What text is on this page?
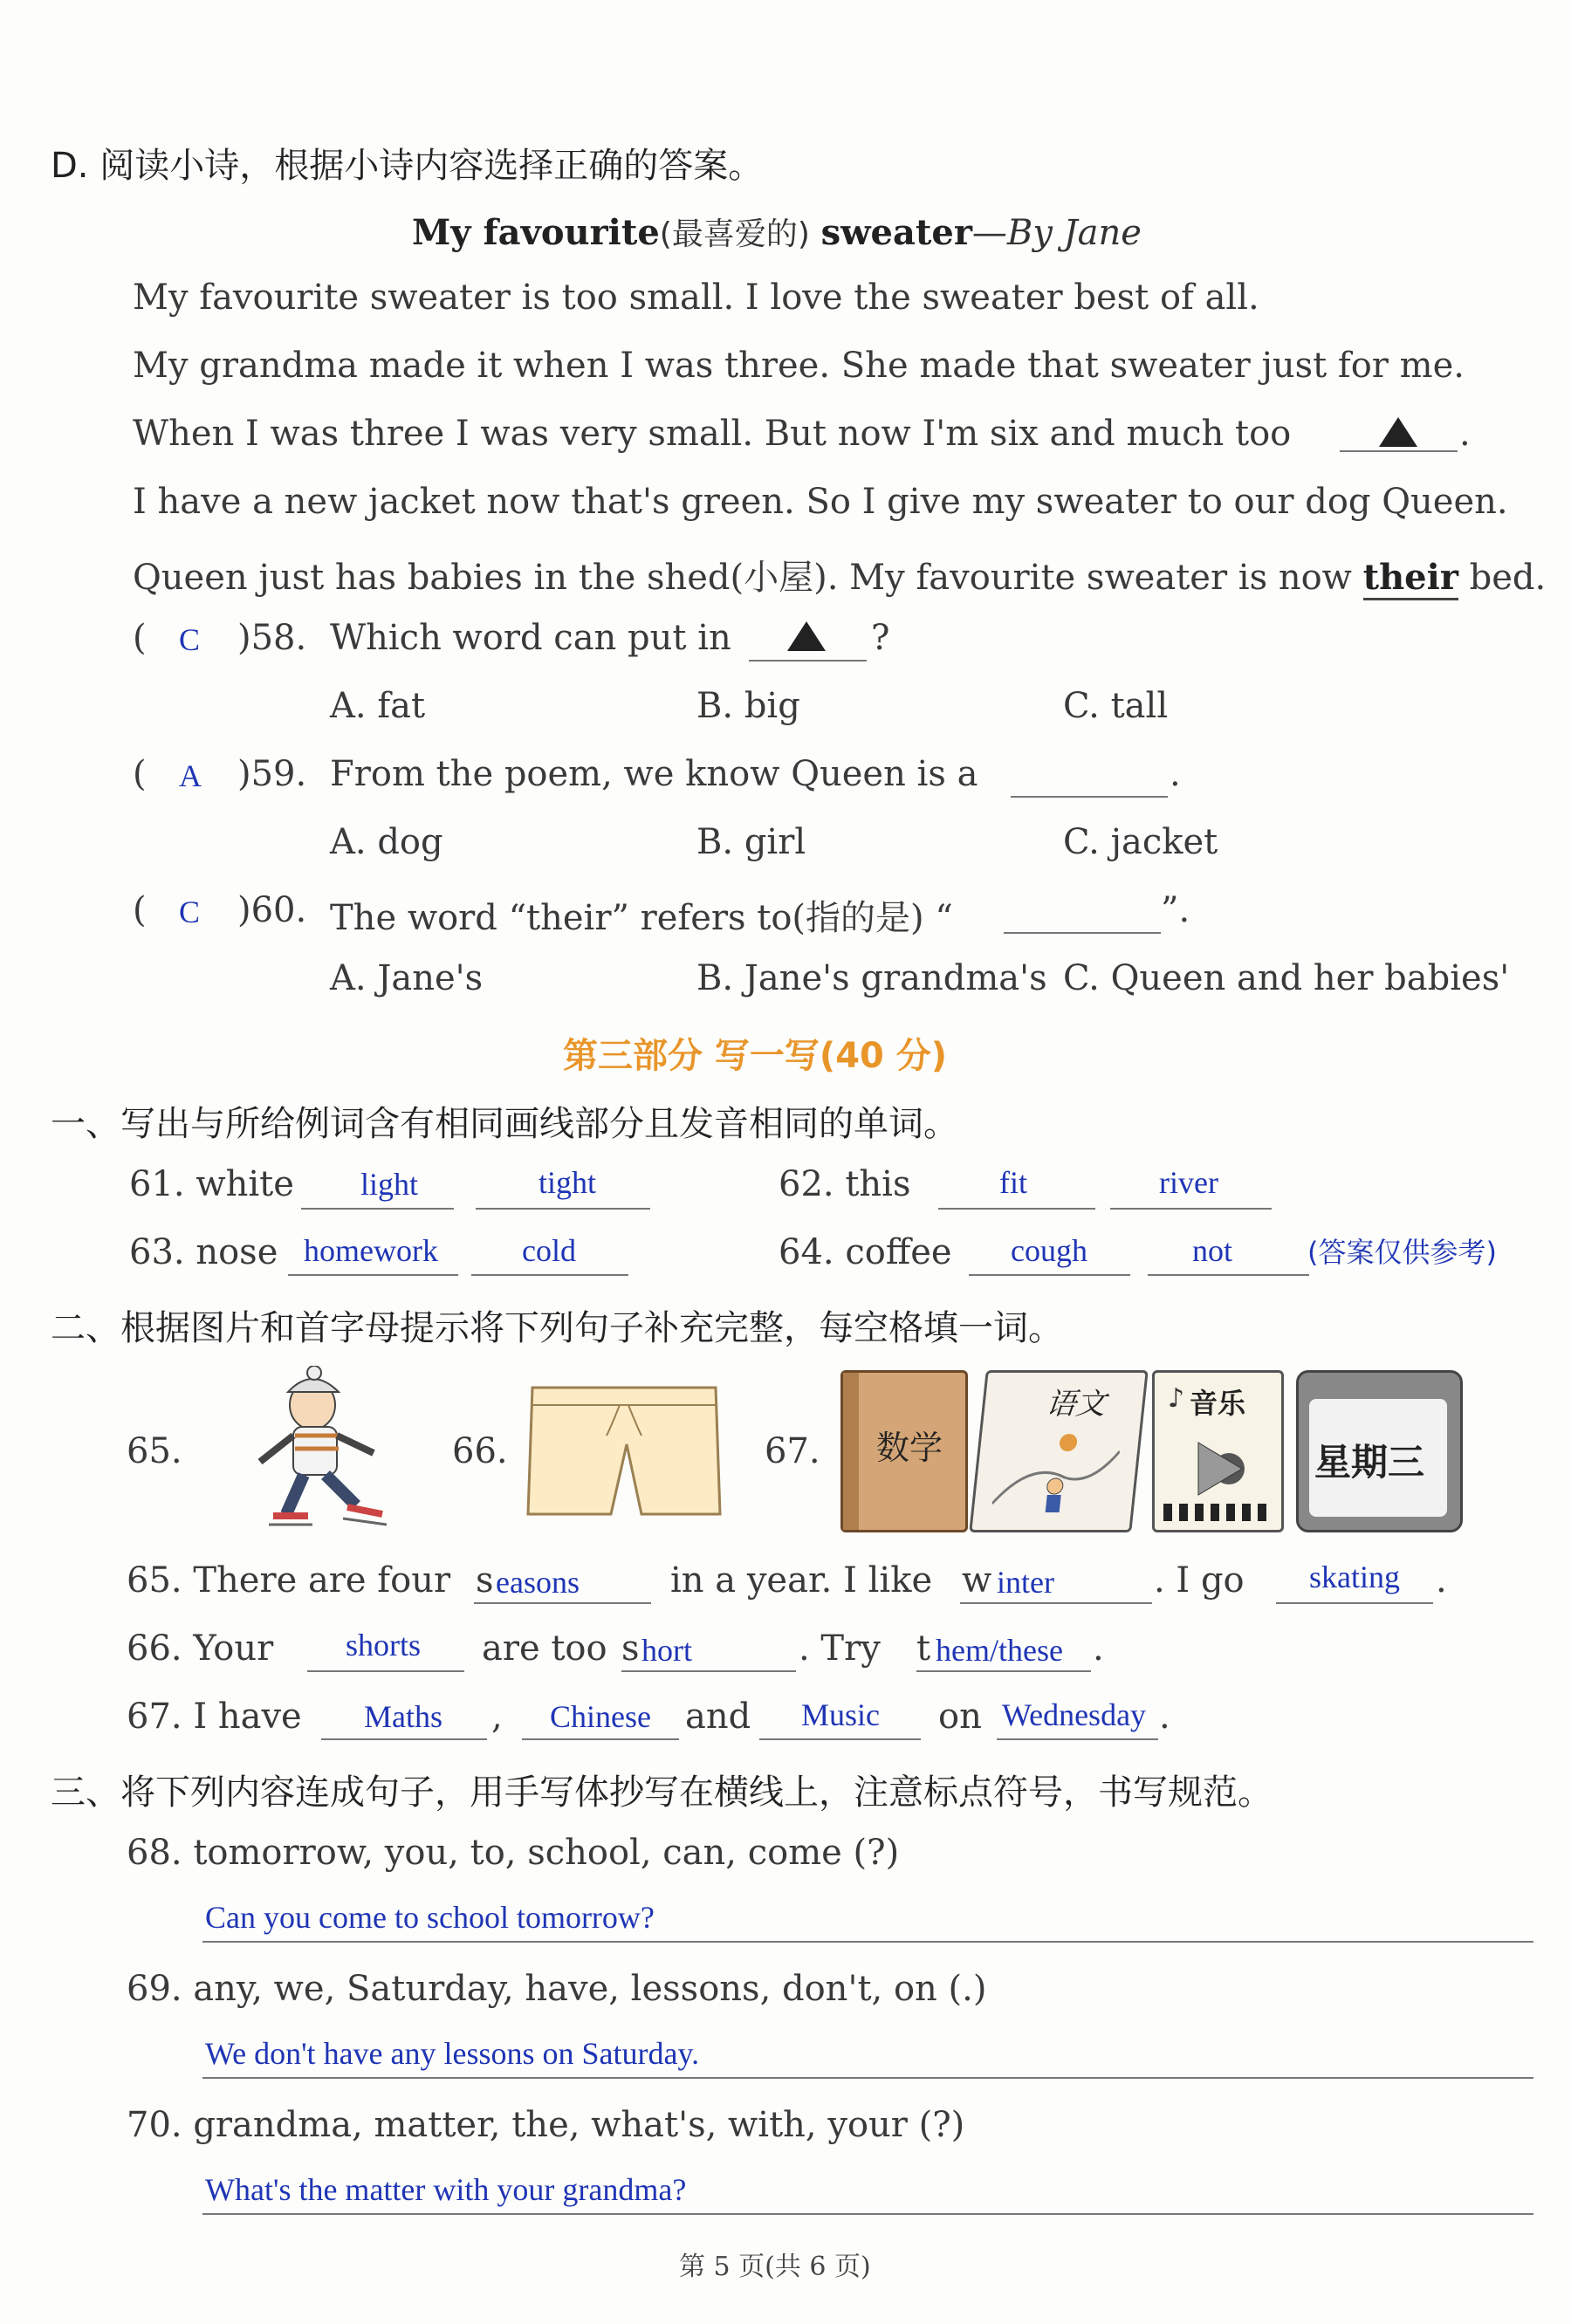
D. 阅读小诗，根据小诗内容选择正确的答案。
My favourite(最喜爱的) sweater—By Jane
My favourite sweater is too small. I love the sweater best of all.
My grandma made it when I was three. She made that sweater just for me.
When I was three I was very small. But now I'm six and much too	.
I have a new jacket now that's green. So I give my sweater to our dog Queen.
Queen just has babies in the shed(小屋). My favourite sweater is now their bed.
( C )58. Which word can put in	?
A. fat	B. big	C. tall
( A )59. From the poem, we know Queen is a	.
A. dog	B. girl	C. jacket
( C )60. The word “their” refers to(指的是) “	”.
A. Jane's	B. Jane's grandma's C. Queen and her babies'
第三部分 写一写(40 分)
一、写出与所给例词含有相同画线部分且发音相同的单词。
61. white light	tight	62. this	fit	river
63. nose homework	cold	64. coffee cough	not	(答案仅供参考)
二、根据图片和首字母提示将下列句子补充完整，每空格填一词。
65.	66.	67. 数学
语文	音乐
♪
星期三
65. There are four s easons	in a year. I like w inter	. I go skating .
66. Your shorts are too s hort	. Try t hem/these .
67. I have Maths , Chinese and Music on Wednesday .
三、将下列内容连成句子，用手写体抄写在横线上，注意标点符号，书写规范。
68. tomorrow, you, to, school, can, come (?)
Can you come to school tomorrow?
69. any, we, Saturday, have, lessons, don't, on (.)
We don't have any lessons on Saturday.
70. grandma, matter, the, what's, with, your (?)
What's the matter with your grandma?
第 5 页(共 6 页)
